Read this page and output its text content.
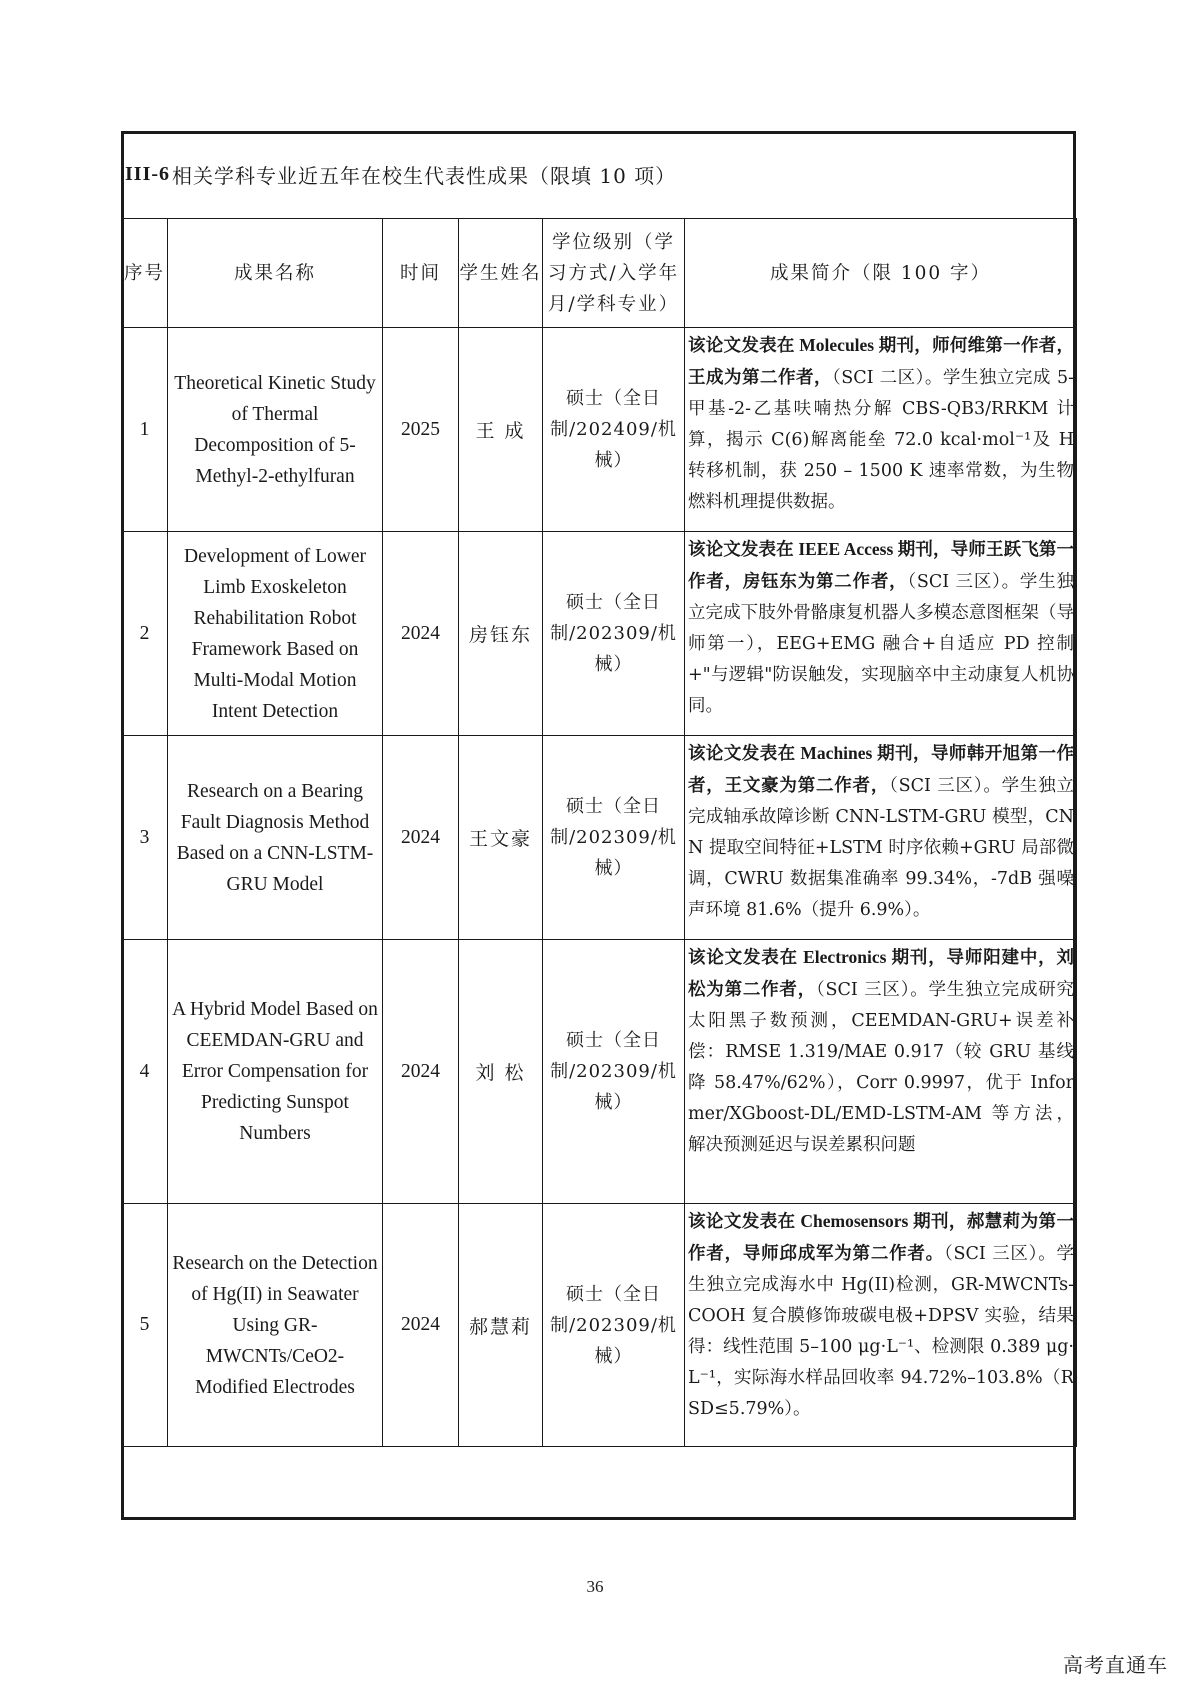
III-6 相关学科专业近五年在校生代表性成果（限填 10 项）
序号	成果名称	时间	学生姓名	学位级别（学习方式/入学年月/学科专业）	成果简介（限 100 字）
1	Theoretical Kinetic Study of Thermal Decomposition of 5-Methyl-2-ethylfuran	2025	王 成	硕士（全日制/202409/机械）	该论文发表在 Molecules 期刊，师何维第一作者，王成为第二作者，（SCI 二区）。学生独立完成 5-甲基-2-乙基呋喃热分解 CBS-QB3/RRKM 计算，揭示 C(6)解离能垒 72.0 kcal·mol⁻¹及 H 转移机制，获 250 – 1500 K 速率常数，为生物燃料机理提供数据。
2	Development of Lower Limb Exoskeleton Rehabilitation Robot Framework Based on Multi-Modal Motion Intent Detection	2024	房钰东	硕士（全日制/202309/机械）	该论文发表在 IEEE Access 期刊，导师王跃飞第一作者，房钰东为第二作者，（SCI 三区）。学生独立完成下肢外骨骼康复机器人多模态意图框架（导师第一），EEG+EMG 融合+自适应 PD 控制+"与逻辑"防误触发，实现脑卒中主动康复人机协同。
3	Research on a Bearing Fault Diagnosis Method Based on a CNN-LSTM-GRU Model	2024	王文豪	硕士（全日制/202309/机械）	该论文发表在 Machines 期刊，导师韩开旭第一作者，王文豪为第二作者，（SCI 三区）。学生独立完成轴承故障诊断 CNN-LSTM-GRU 模型，CNN 提取空间特征+LSTM 时序依赖+GRU 局部微调，CWRU 数据集准确率 99.34%，-7dB 强噪声环境 81.6%（提升 6.9%）。
4	A Hybrid Model Based on CEEMDAN-GRU and Error Compensation for Predicting Sunspot Numbers	2024	刘 松	硕士（全日制/202309/机械）	该论文发表在 Electronics 期刊，导师阳建中，刘松为第二作者，（SCI 三区）。学生独立完成研究太阳黑子数预测，CEEMDAN-GRU+误差补偿：RMSE 1.319/MAE 0.917（较 GRU 基线降 58.47%/62%），Corr 0.9997，优于 Informer/XGboost-DL/EMD-LSTM-AM 等方法，解决预测延迟与误差累积问题
5	Research on the Detection of Hg(II) in Seawater Using GR-MWCNTs/CeO2-Modified Electrodes	2024	郝慧莉	硕士（全日制/202309/机械）	该论文发表在 Chemosensors 期刊，郝慧莉为第一作者，导师邱成军为第二作者。（SCI 三区）。学生独立完成海水中 Hg(II)检测，GR-MWCNTs-COOH 复合膜修饰玻碳电极+DPSV 实验，结果得：线性范围 5–100 μg·L⁻¹、检测限 0.389 μg·L⁻¹，实际海水样品回收率 94.72%–103.8%（RSD≤5.79%）。
36
高考直通车
